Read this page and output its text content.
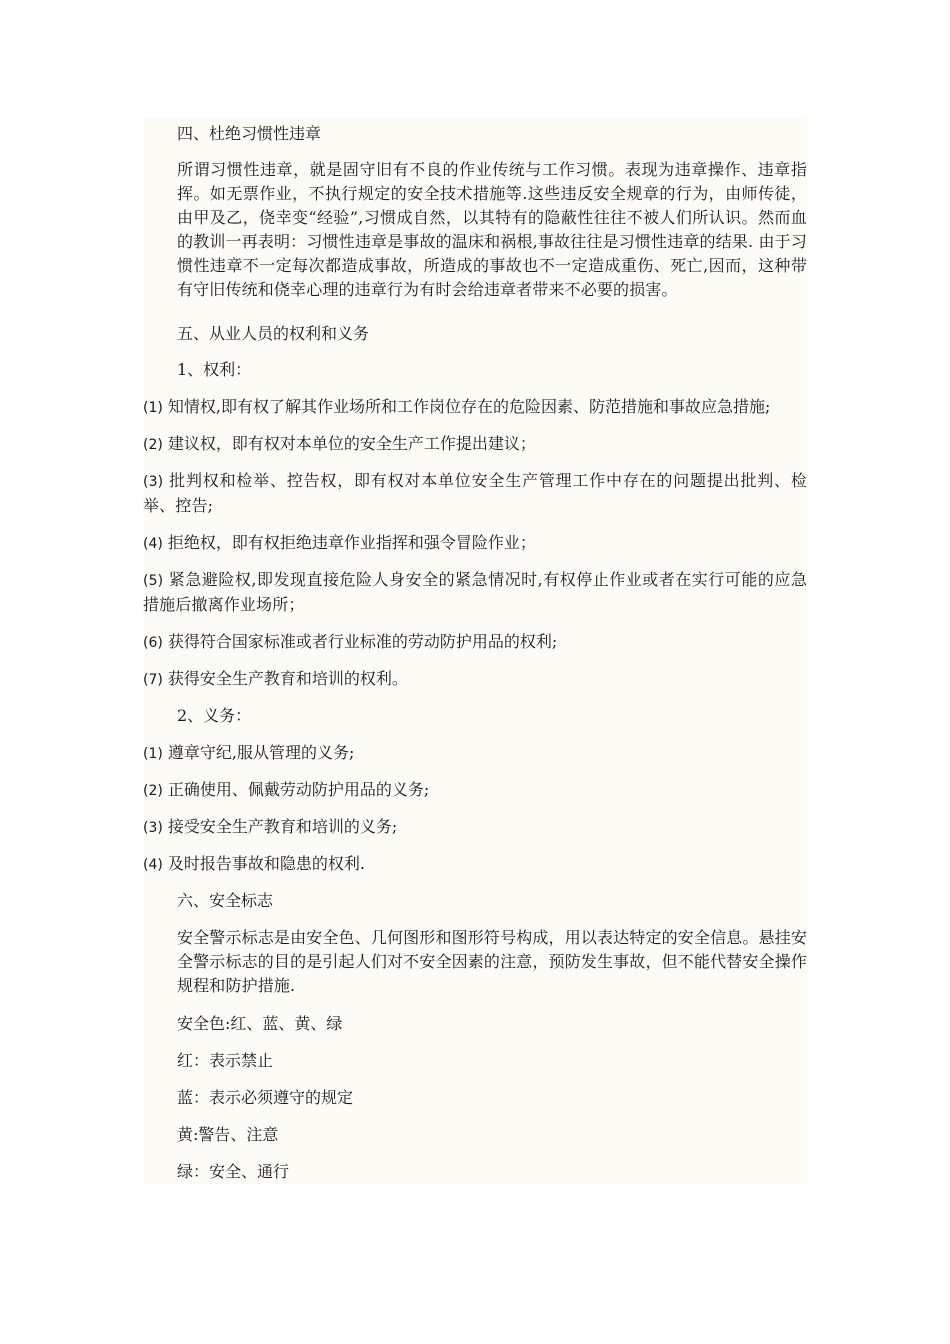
四、杜绝习惯性违章

所谓习惯性违章，就是固守旧有不良的作业传统与工作习惯。表现为违章操作、违章指挥。如无票作业，不执行规定的安全技术措施等.这些违反安全规章的行为，由师传徒，由甲及乙，侥幸变“经验”,习惯成自然，以其特有的隐蔽性往往不被人们所认识。然而血的教训一再表明：习惯性违章是事故的温床和祸根,事故往往是习惯性违章的结果. 由于习惯性违章不一定每次都造成事故，所造成的事故也不一定造成重伤、死亡,因而，这种带有守旧传统和侥幸心理的违章行为有时会给违章者带来不必要的损害。

五、从业人员的权利和义务

1、权利：

(1) 知情权,即有权了解其作业场所和工作岗位存在的危险因素、防范措施和事故应急措施;

(2) 建议权，即有权对本单位的安全生产工作提出建议；

(3) 批判权和检举、控告权，即有权对本单位安全生产管理工作中存在的问题提出批判、检举、控告;

(4) 拒绝权，即有权拒绝违章作业指挥和强令冒险作业；

(5) 紧急避险权,即发现直接危险人身安全的紧急情况时,有权停止作业或者在实行可能的应急措施后撤离作业场所；

(6) 获得符合国家标准或者行业标准的劳动防护用品的权利;

(7) 获得安全生产教育和培训的权利。

2、义务：

(1) 遵章守纪,服从管理的义务;

(2) 正确使用、佩戴劳动防护用品的义务;

(3) 接受安全生产教育和培训的义务;

(4) 及时报告事故和隐患的权利.

六、安全标志

安全警示标志是由安全色、几何图形和图形符号构成，用以表达特定的安全信息。悬挂安全警示标志的目的是引起人们对不安全因素的注意，预防发生事故，但不能代替安全操作规程和防护措施.

安全色:红、蓝、黄、绿

红：表示禁止

蓝：表示必须遵守的规定

黄:警告、注意

绿：安全、通行
